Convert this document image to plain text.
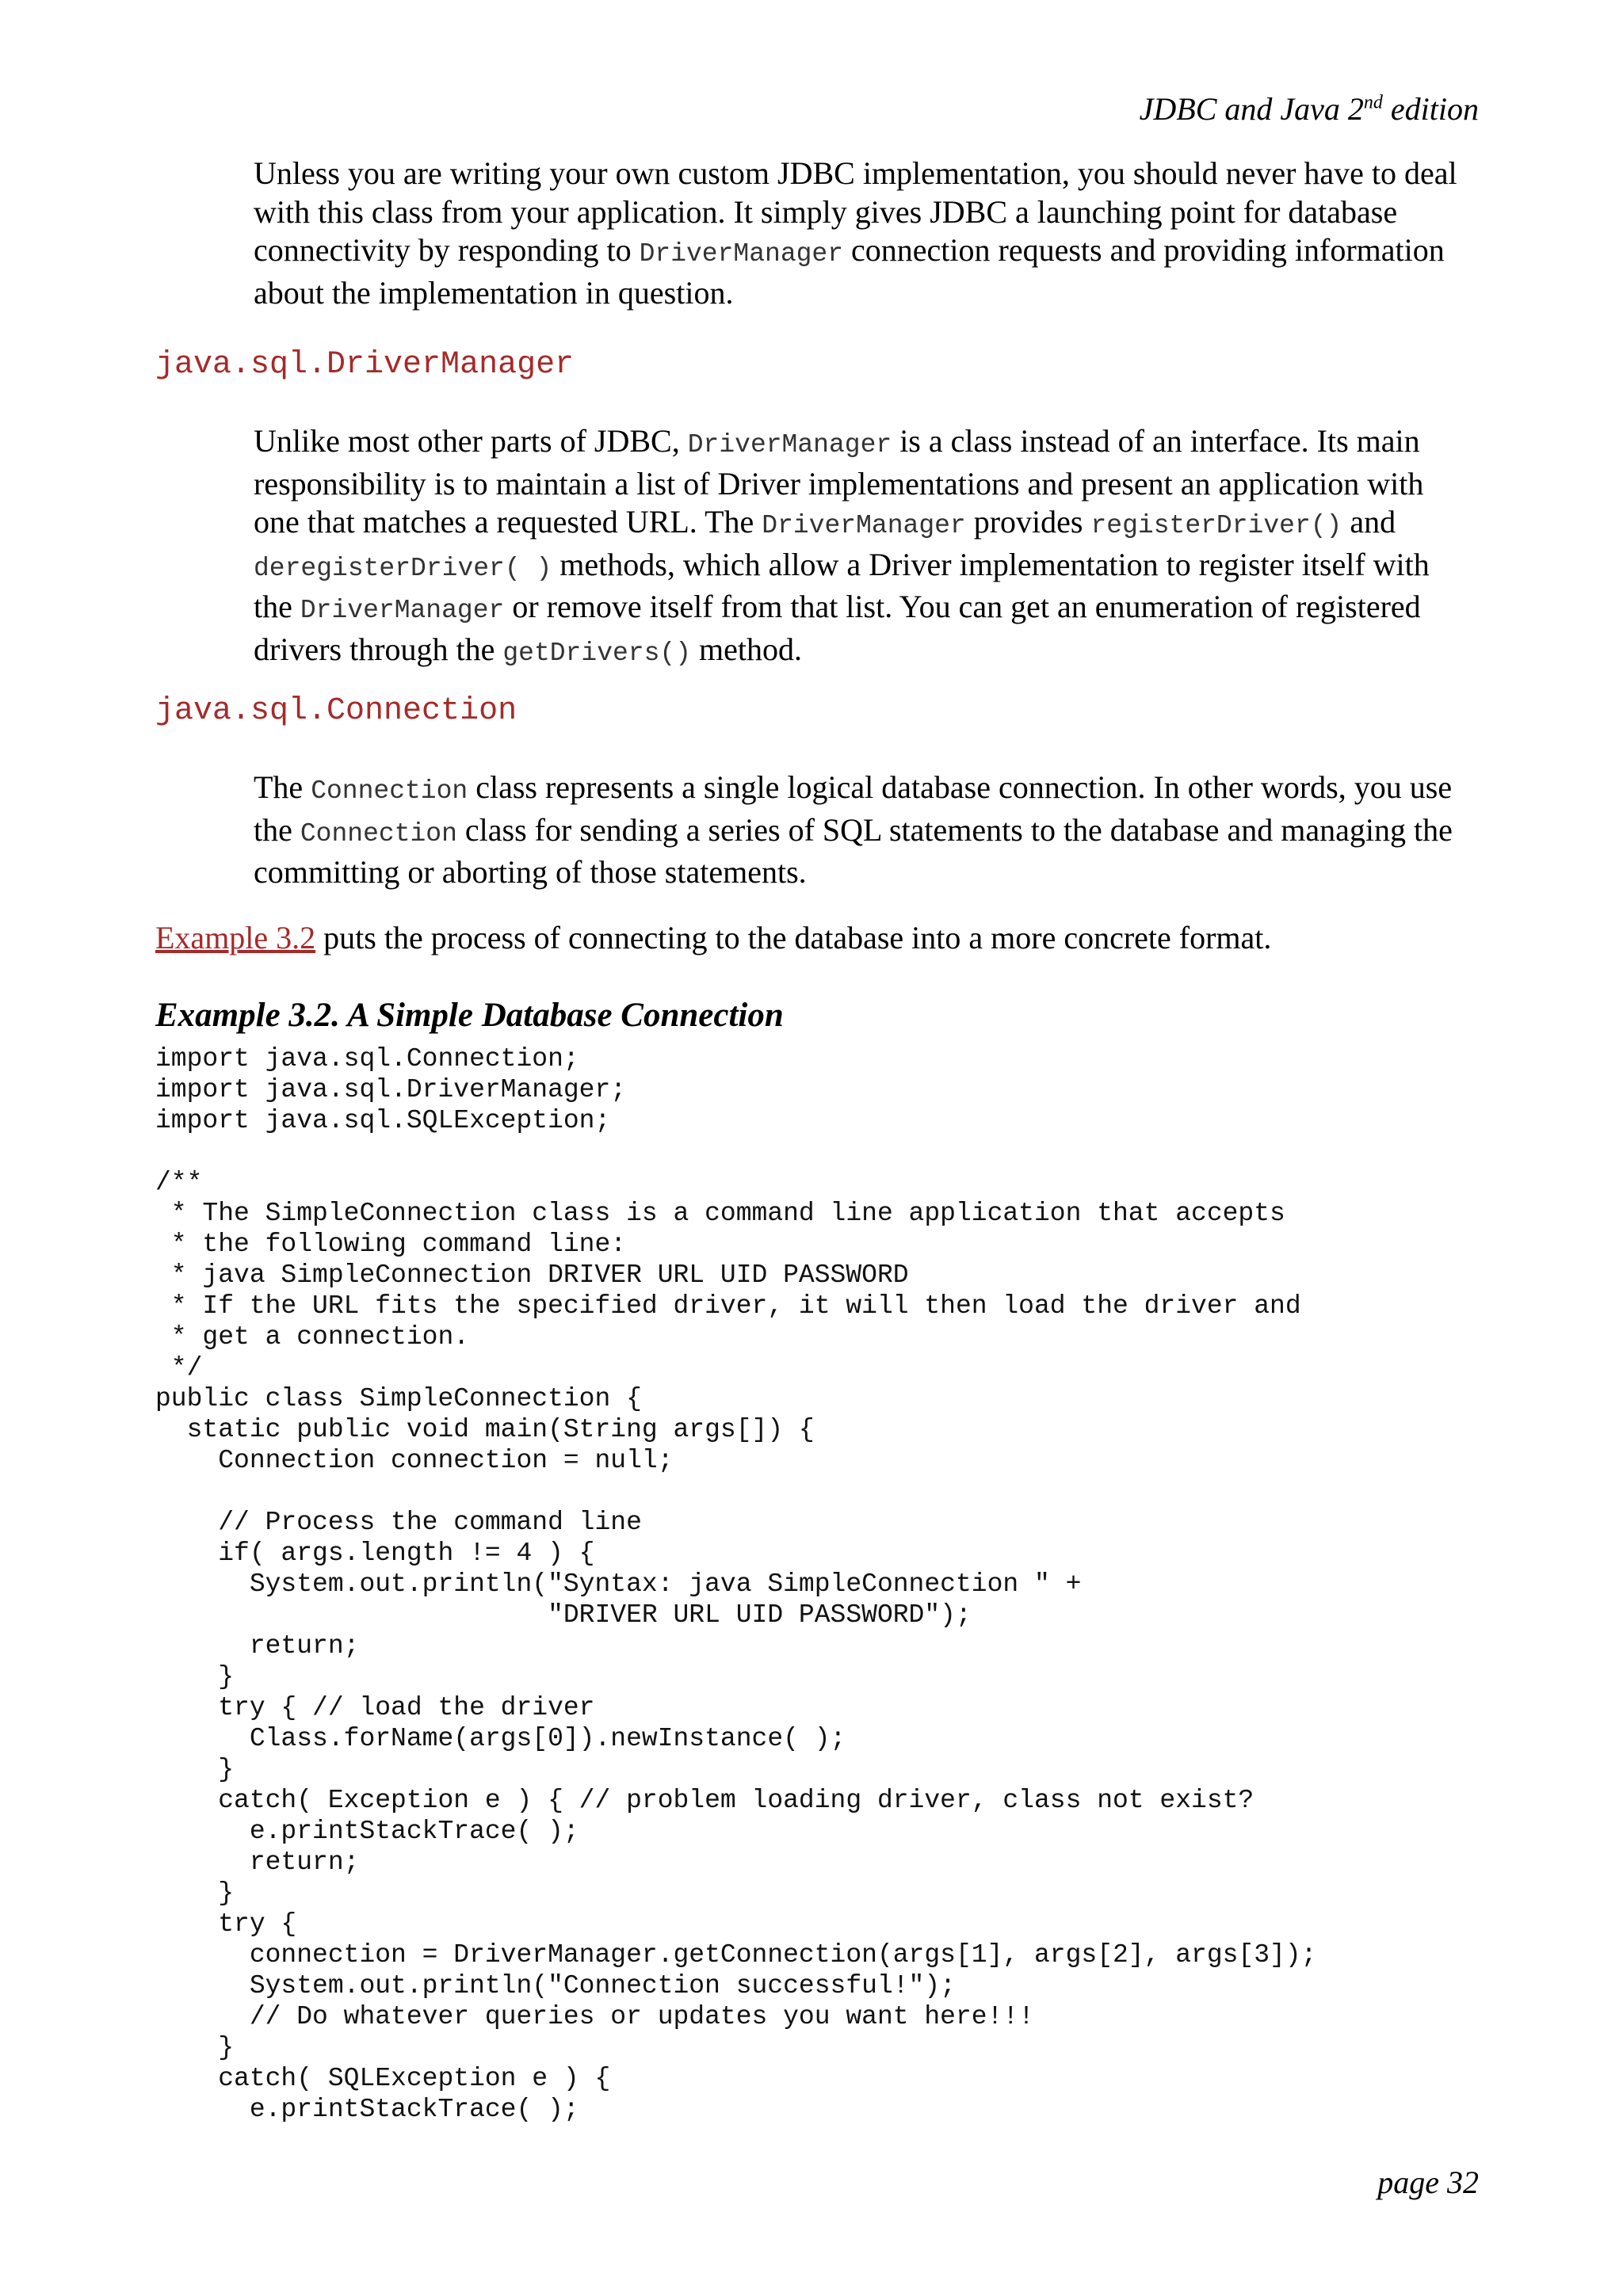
JDBC and Java 2nd edition

Unless you are writing your own custom JDBC implementation, you should never have to deal with this class from your application. It simply gives JDBC a launching point for database connectivity by responding to DriverManager connection requests and providing information about the implementation in question.

java.sql.DriverManager

Unlike most other parts of JDBC, DriverManager is a class instead of an interface. Its main responsibility is to maintain a list of Driver implementations and present an application with one that matches a requested URL. The DriverManager provides registerDriver() and deregisterDriver( ) methods, which allow a Driver implementation to register itself with the DriverManager or remove itself from that list. You can get an enumeration of registered drivers through the getDrivers() method.

java.sql.Connection

The Connection class represents a single logical database connection. In other words, you use the Connection class for sending a series of SQL statements to the database and managing the committing or aborting of those statements.

Example 3.2 puts the process of connecting to the database into a more concrete format.

Example 3.2. A Simple Database Connection
import java.sql.Connection;
import java.sql.DriverManager;
import java.sql.SQLException;

/**
* The SimpleConnection class is a command line application that accepts
* the following command line:
* java SimpleConnection DRIVER URL UID PASSWORD
* If the URL fits the specified driver, it will then load the driver and
* get a connection.
*/
public class SimpleConnection {
static public void main(String args[]) {
Connection connection = null;

// Process the command line
if( args.length != 4 ) {
System.out.println("Syntax: java SimpleConnection " +
"DRIVER URL UID PASSWORD");
return;
}
try { // load the driver
Class.forName(args[0]).newInstance( );
}
catch( Exception e ) { // problem loading driver, class not exist?
e.printStackTrace( );
return;
}
try {
connection = DriverManager.getConnection(args[1], args[2], args[3]);
System.out.println("Connection successful!");
// Do whatever queries or updates you want here!!!
}
catch( SQLException e ) {
e.printStackTrace( );
page 32
